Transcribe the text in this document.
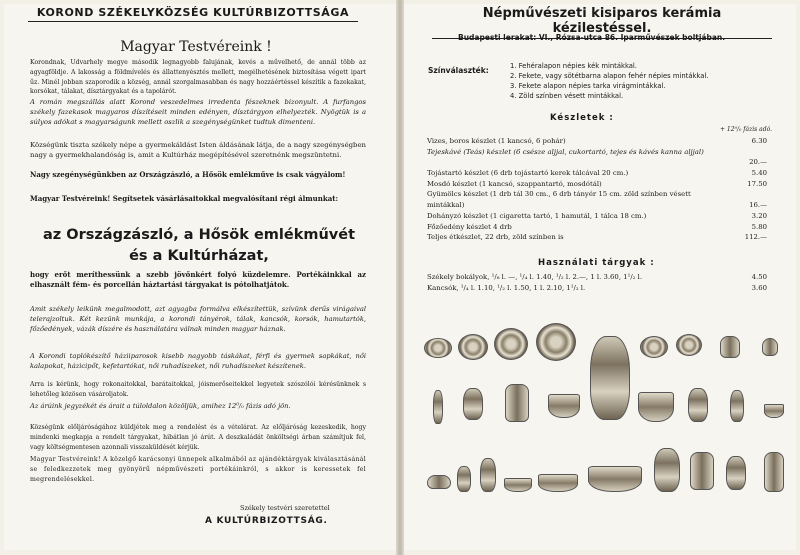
KOROND SZÉKELYKÖZSÉG KULTÚRBIZOTTSÁGA
Magyar Testvéreink !
Korondnak, Udvarhely megye második legnagyobb falujának, kevés a művelhető, de annál több az agyagföldje. A lakosság a földmívelés és állattenyésztés mellett, megélhetésének biztosítása végett ipart űz. Minél jobban szaporodik a község, annál szorgalmasabban és nagy hozzáértéssel készítik a fazekakat, korsókat, tálakat, dísztárgyakat és a tapolárót.
A román megszállás alatt Korond veszedelmes irredenta fészeknek bizonyult. A furfangos székely fazekasok magyaros díszítéseit minden edényen, dísztárgyon elhelyezték. Nyögtük is a súlyos adókat s magyarságunk mellett oszlik a szegénységünket tudtuk dimenteni.
Községünk tiszta székely népe a gyermekáldást Isten áldásának látja, de a nagy szegénységben nagy a gyermekhalandóság is, amit a Kultúrház megépítésével szeretnénk megszüntetni.
Nagy szegénységünkben az Országzászló, a Hősök emlékműve is csak vágyálom!
Magyar Testvéreink! Segítsetek vásárlásaitokkal megvalósítani régi álmunkat:
az Országzászló, a Hősök emlékművét és a Kultúrházat,
hogy erőt meríthessünk a szebb jövőnkért folyó küzdelemre. Portékáinkkal az elhasznált fém- és porcellán háztartási tárgyakat is pótolhatjátok.
Amit székely leikünk megalmodott, azt agyagba formálva elkészítettük, szívünk derűs virágaival telerajzoltuk. Két kezünk munkája, a korondi tányérok, tálak, kancsók, korsók, hamutartók, főzőedények, vázák díszére és használatára válnak minden magyar háznak.
A Korondi taplókészítő háziiparosok kisebb nagyobb táskákat, férfi és gyermek sapkákat, női kalapokat, házicipőt, kefetartókat, női ruhadíszeket, női ruhadíszeket készítenek.
Arra is kérünk, hogy rokonaitokkal, barátaitokkal, jóismerőseitekkel legyetek szószólói kérésünknek s lehetőleg közösen vásároljatok.
Az árúink jegyzékét és árait a túloldalon közöljük, amihez 12⁰/₀ fázis adó jön.
Községünk előljáróságához küldjétek meg a rendelést és a vételárat. Az előljáróság kezeskedik, hogy mindenki megkapja a rendelt tárgyakat, hibátlan jó árút. A deszkaládát önköltségi árban számítjuk fel, vagy költségmentesen azonnali visszaküldését kérjük.
Magyar Testvéreink! A közelgő karácsonyi ünnepek alkalmából az ajándéktárgyak kiválasztásánál se feledkezzetek meg gyönyörű népművészeti portékáinkról, s akkor is keressetek fel megrendelésekkel.
Székely testvéri szeretettel
A KULTÚRBIZOTTSÁG.
Népművészeti kisiparos kerámia kézilestéssel.
Budapesti lerakat: VI., Rózsa-utca 86. Iparművészek boltjában.
Színválaszték:	1. Fehéralapon népies kék mintákkal.
2. Fekete, vagy sötétbarna alapon fehér népies mintákkal.
3. Fekete alapon népies tarka virágmintákkal.
4. Zöld színben vésett mintákkal.
Készletek :
+ 12⁰/₀ fázis adó.
Vizes, boros készlet (1 kancsó, 6 pohár)	6.30
Tejeskávé (Teás) készlet (6 csésze aljjal, cukortartó, tejes és kávés kanna aljjal)
20.—
Tojástartó készlet (6 drb tojástartó kerek tálcával 20 cm.)	5.40
Mosdó készlet (1 kancsó, szappantartó, mosdótál)	17.50
Gyümölcs készlet (1 drb tál 30 cm., 6 drb tányér 15 cm. zöld színben vésett mintákkal)	16.—
Dohányzó készlet (1 cigaretta tartó, 1 hamutál, 1 tálca 18 cm.)	3.20
Főzőedény készlet 4 drb	5.80
Teljes étkészlet, 22 drb, zöld színben is	112.—
Használati tárgyak :
Székely bokályok, ¹/₈ l. —, ¹/₄ l. 1.40, ¹/₂ l. 2.—, 1 l. 3.60, 1¹/₂ l.	4.50
Kancsók, ¹/₄ l. 1.10, ¹/₂ l. 1.50, 1 l. 2.10, 1¹/₂ l.	3.60
